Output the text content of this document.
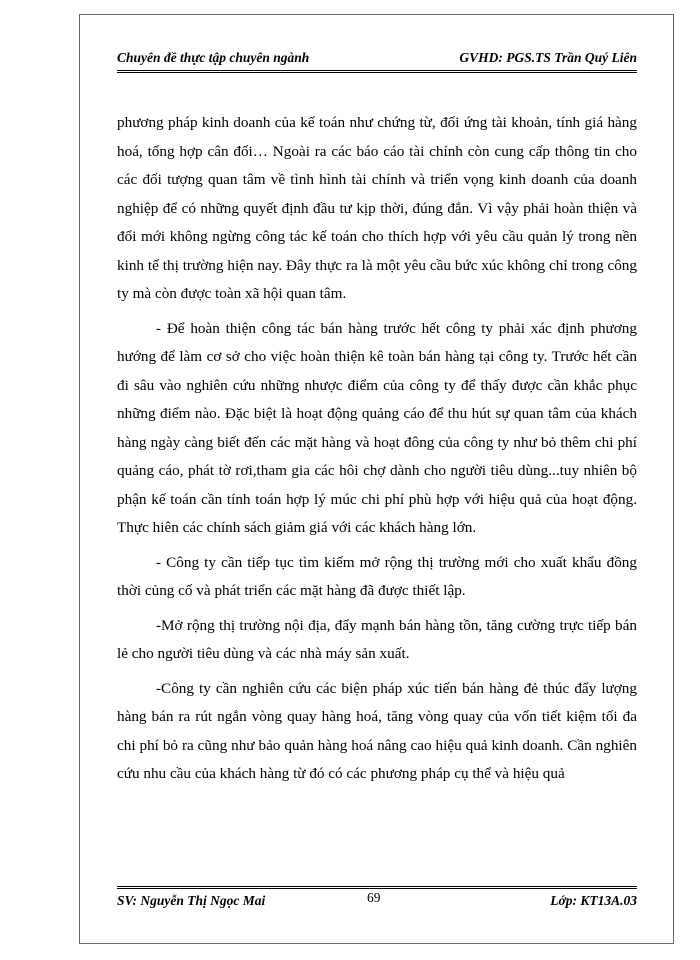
Chuyên đề thực tập chuyên ngành	GVHD: PGS.TS Trần Quý Liên

phương pháp kinh doanh của kế toán như chứng từ, đối ứng tài khoản, tính giá hàng hoá, tổng hợp cân đối… Ngoài ra các báo cáo tài chính còn cung cấp thông tin cho các đối tượng quan tâm về tình hình tài chính và triển vọng kinh doanh của doanh nghiệp để có những quyết định đầu tư kịp thời, đúng đắn. Vì vậy phải hoàn thiện và đổi mới không ngừng công tác kế toán cho thích hợp với yêu cầu quản lý trong nền kinh tế thị trường hiện nay. Đây thực ra là một yêu cầu bức xúc không chỉ trong công ty mà còn được toàn xã hội quan tâm.

- Để hoàn thiện công tác bán hàng trước hết công ty phải xác định phương hướng để làm cơ sở cho việc hoàn thiện kê toàn bán hàng tại công ty. Trước hết cần đi sâu vào nghiên cứu những nhược điểm của công ty để thấy được cần khắc phục những điểm nào. Đặc biệt là hoạt động quảng cáo để thu hút sự quan tâm của khách hàng ngày càng biết đến các mặt hàng và hoạt đông của công ty như bỏ thêm chi phí quảng cáo, phát tờ rơi,tham gia các hôi chợ dành cho người tiêu dùng...tuy nhiên bộ phận kế toán cần tính toán hợp lý múc chi phí phù hợp với hiệu quả của hoạt động. Thực hiên các chính sách giảm giá với các khách hàng lớn.

- Công ty cần tiếp tục tìm kiếm mở rộng thị trường mới cho xuất khẩu đồng thời củng cố và phát triển các mặt hàng đã được thiết lập.

-Mở rộng thị trường nội địa, đẩy mạnh bán hàng tồn, tăng cường trực tiếp bán lẻ cho người tiêu dùng và các nhà máy sản xuất.

-Công ty cần nghiên cứu các biện pháp xúc tiến bán hàng đẻ thúc đẩy lượng hàng bán ra rút ngắn vòng quay hàng hoá, tăng vòng quay của vốn tiết kiệm tối đa chi phí bỏ ra cũng như bảo quản hàng hoá nâng cao hiệu quả kinh doanh. Cần nghiên cứu nhu cầu của khách hàng từ đó có các phương pháp cụ thể và hiệu quả

SV: Nguyễn Thị Ngọc Mai	69	Lớp: KT13A.03
